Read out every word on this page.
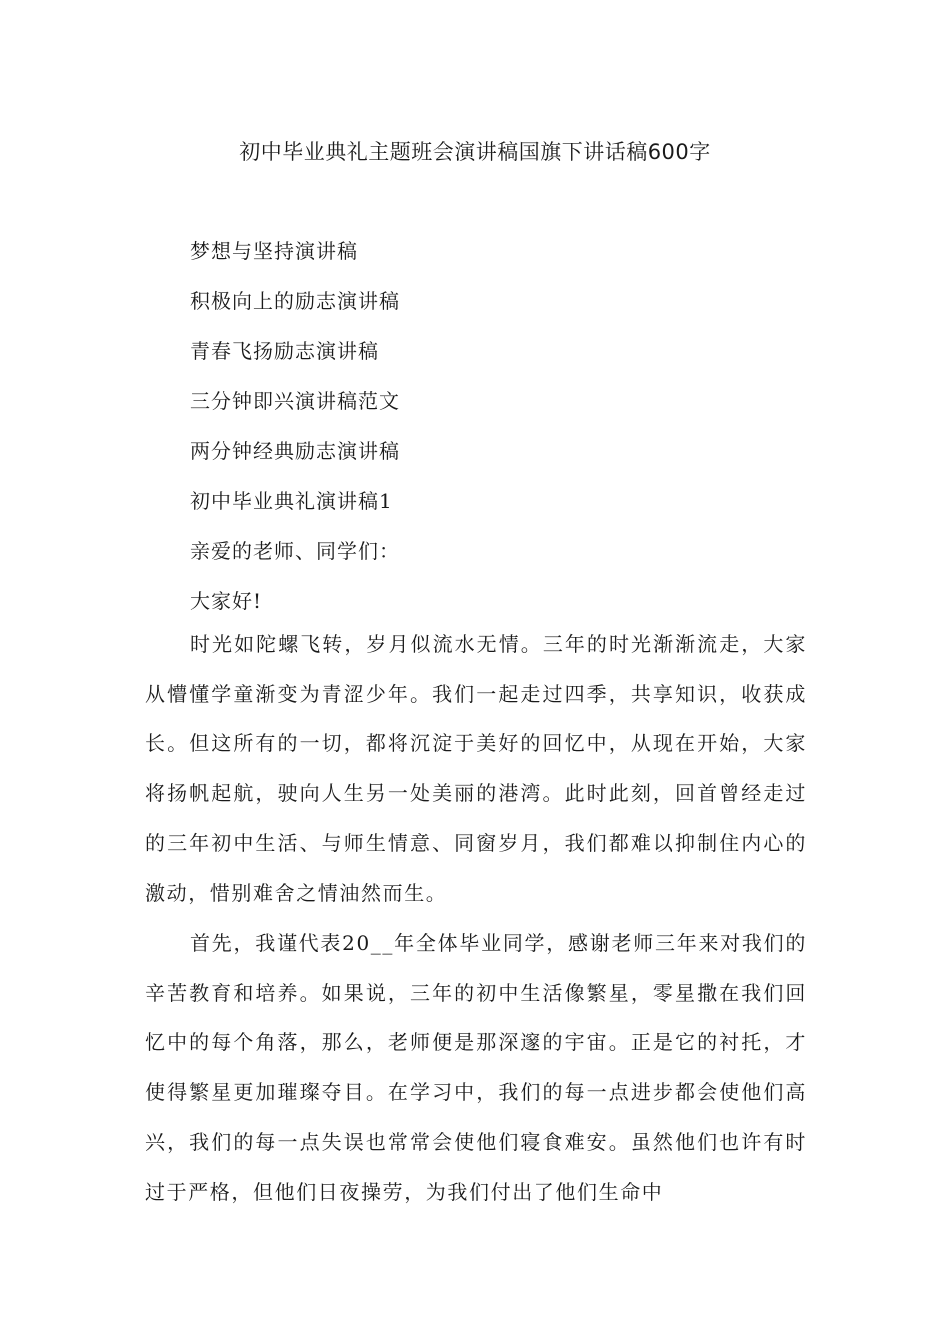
初中毕业典礼主题班会演讲稿国旗下讲话稿600字
梦想与坚持演讲稿
积极向上的励志演讲稿
青春飞扬励志演讲稿
三分钟即兴演讲稿范文
两分钟经典励志演讲稿
初中毕业典礼演讲稿1
亲爱的老师、同学们：
大家好!

时光如陀螺飞转，岁月似流水无情。三年的时光渐渐流走，大家从懵懂学童渐变为青涩少年。我们一起走过四季，共享知识，收获成长。但这所有的一切，都将沉淀于美好的回忆中，从现在开始，大家将扬帆起航，驶向人生另一处美丽的港湾。此时此刻，回首曾经走过的三年初中生活、与师生情意、同窗岁月，我们都难以抑制住内心的激动，惜别难舍之情油然而生。

首先，我谨代表20__年全体毕业同学，感谢老师三年来对我们的辛苦教育和培养。如果说，三年的初中生活像繁星，零星撒在我们回忆中的每个角落，那么，老师便是那深邃的宇宙。正是它的衬托，才使得繁星更加璀璨夺目。在学习中，我们的每一点进步都会使他们高兴，我们的每一点失误也常常会使他们寝食难安。虽然他们也许有时过于严格，但他们日夜操劳，为我们付出了他们生命中
